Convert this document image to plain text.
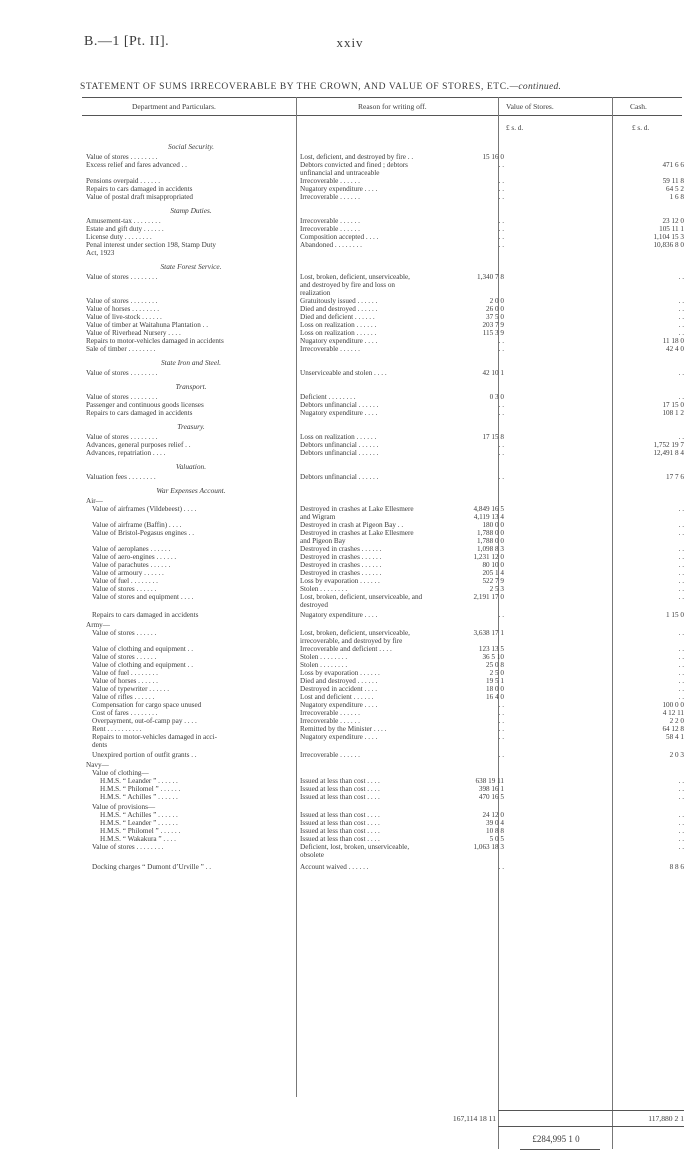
B.—1 [Pt. II].	xxiv
STATEMENT OF SUMS IRRECOVERABLE BY THE CROWN, AND VALUE OF STORES, ETC.—continued.
Department and Particulars.	Reason for writing off.	Value of Stores.	Cash.
£ s. d.	£ s. d.
Social Security.
Value of stores . . . . . . . .	Lost, deficient, and destroyed by fire . .	15 16 0
Excess relief and fares advanced . .	Debtors convicted and fined ; debtors	. .	471 6 6
unfinancial and untraceable
Pensions overpaid . . . . . .	Irrecoverable . . . . . .	. .	59 11 8
Repairs to cars damaged in accidents	Nugatory expenditure . . . .	. .	64 5 2
Value of postal draft misappropriated	Irrecoverable . . . . . .	. .	1 6 8
Stamp Duties.
Amusement-tax . . . . . . . .	Irrecoverable . . . . . .	. .	23 12 0
Estate and gift duty . . . . . .	Irrecoverable . . . . . .	. .	105 11 1
License duty . . . . . . . .	Composition accepted . . . .	. .	1,104 15 3
Penal interest under section 198, Stamp Duty	Abandoned . . . . . . . .	. .	10,836 8 0
Act, 1923
State Forest Service.
Value of stores . . . . . . . .	Lost, broken, deficient, unserviceable,	1,340 7 8	. .
and destroyed by fire and loss on
realization
Value of stores . . . . . . . .	Gratuitously issued . . . . . .	2 0 0	. .
Value of horses . . . . . . . .	Died and destroyed . . . . . .	26 0 0	. .
Value of live-stock . . . . . .	Died and deficient . . . . . .	37 5 0	. .
Value of timber at Waitahuna Plantation . .	Loss on realization . . . . . .	203 7 9	. .
Value of Riverhead Nursery . . . .	Loss on realization . . . . . .	115 3 9	. .
Repairs to motor-vehicles damaged in accidents	Nugatory expenditure . . . .	. .	11 18 0
Sale of timber . . . . . . . .	Irrecoverable . . . . . .	. .	42 4 0
State Iron and Steel.
Value of stores . . . . . . . .	Unserviceable and stolen . . . .	42 10 1	. .
Transport.
Value of stores . . . . . . . .	Deficient . . . . . . . .	0 3 0	. .
Passenger and continuous goods licenses	Debtors unfinancial . . . . . .	. .	17 15 0
Repairs to cars damaged in accidents	Nugatory expenditure . . . .	. .	108 1 2
Treasury.
Value of stores . . . . . . . .	Loss on realization . . . . . .	17 15 8	. .
Advances, general purposes relief . .	Debtors unfinancial . . . . . .	. .	1,752 19 7
Advances, repatriation . . . .	Debtors unfinancial . . . . . .	. .	12,491 8 4
Valuation.
Valuation fees . . . . . . . .	Debtors unfinancial . . . . . .	. .	17 7 6
War Expenses Account.
Air—
Value of airframes (Vildebeest) . . . .	Destroyed in crashes at Lake Ellesmere	4,849 16 5	. .
and Wigram	4,119 13 4
Value of airframe (Baffin) . . . .	Destroyed in crash at Pigeon Bay . .	180 0 0	. .
Value of Bristol-Pegasus engines . .	Destroyed in crashes at Lake Ellesmere	1,788 0 0	. .
and Pigeon Bay	1,788 0 0
Value of aeroplanes . . . . . .	Destroyed in crashes . . . . . .	1,098 8 3	. .
Value of aero-engines . . . . . .	Destroyed in crashes . . . . . .	1,231 12 0	. .
Value of parachutes . . . . . .	Destroyed in crashes . . . . . .	80 10 0	. .
Value of armoury . . . . . .	Destroyed in crashes . . . . . .	205 1 4	. .
Value of fuel . . . . . . . .	Loss by evaporation . . . . . .	522 7 9	. .
Value of stores . . . . . .	Stolen . . . . . . . .	2 5 3	. .
Value of stores and equipment . . . .	Lost, broken, deficient, unserviceable, and	2,191 17 0	. .
destroyed
Repairs to cars damaged in accidents	Nugatory expenditure . . . .	. .	1 15 0
Army—
Value of stores . . . . . .	Lost, broken, deficient, unserviceable,	3,638 17 1	. .
irrecoverable, and destroyed by fire
Value of clothing and equipment . .	Irrecoverable and deficient . . . .	123 13 5	. .
Value of stores . . . . . .	Stolen . . . . . . . .	36 5 10	. .
Value of clothing and equipment . .	Stolen . . . . . . . .	25 0 8	. .
Value of fuel . . . . . . . .	Loss by evaporation . . . . . .	2 5 0	. .
Value of horses . . . . . .	Died and destroyed . . . . . .	19 5 1	. .
Value of typewriter . . . . . .	Destroyed in accident . . . .	18 0 0	. .
Value of rifles . . . . . .	Lost and deficient . . . . . .	16 4 0	. .
Compensation for cargo space unused	Nugatory expenditure . . . .	. .	100 0 0
Cost of fares . . . . . . . .	Irrecoverable . . . . . .	. .	4 12 11
Overpayment, out-of-camp pay . . . .	Irrecoverable . . . . . .	. .	2 2 0
Rent . . . . . . . . . .	Remitted by the Minister . . . .	. .	64 12 8
Repairs to motor-vehicles damaged in acci-	Nugatory expenditure . . . .	. .	58 4 1
dents
Unexpired portion of outfit grants . .	Irrecoverable . . . . . .	. .	2 0 3
Navy—
Value of clothing—
H.M.S. “ Leander ” . . . . . .	Issued at less than cost . . . .	638 19 11	. .
H.M.S. “ Philomel ” . . . . . .	Issued at less than cost . . . .	398 16 1	. .
H.M.S. “ Achilles ” . . . . . .	Issued at less than cost . . . .	470 16 5	. .
Value of provisions—
H.M.S. “ Achilles ” . . . . . .	Issued at less than cost . . . .	24 12 0	. .
H.M.S. “ Leander ” . . . . . .	Issued at less than cost . . . .	39 0 4	. .
H.M.S. “ Philomel ” . . . . . .	Issued at less than cost . . . .	10 8 8	. .
H.M.S. “ Wakakura ” . . . .	Issued at less than cost . . . .	5 0 5	. .
Value of stores . . . . . . . .	Deficient, lost, broken, unserviceable,	1,063 18 3	. .
obsolete
Docking charges “ Dumont d’Urville ” . .	Account waived . . . . . .	. .	8 8 6
167,114 18 11	117,880 2 1
£284,995 1 0
